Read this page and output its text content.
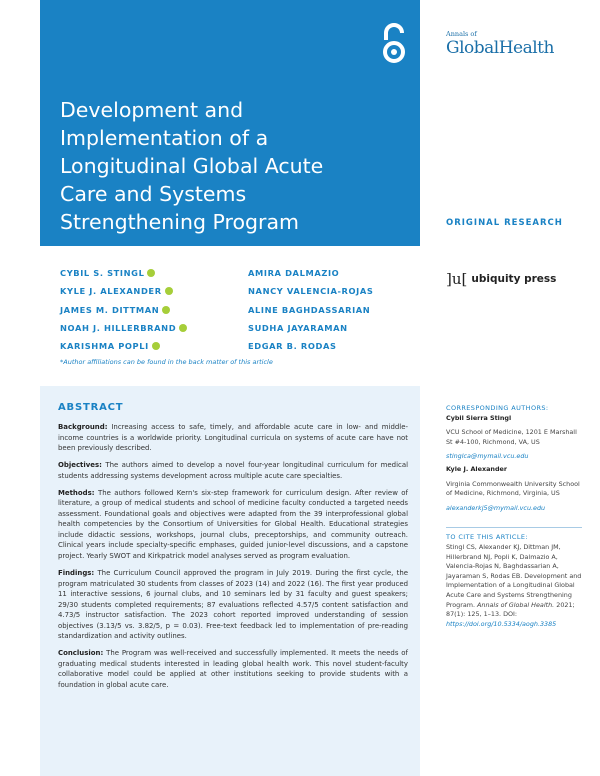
Development and Implementation of a Longitudinal Global Acute Care and Systems Strengthening Program
Annals of
GlobalHealth
ORIGINAL RESEARCH
CYBIL S. STINGL
KYLE J. ALEXANDER
JAMES M. DITTMAN
NOAH J. HILLERBRAND
KARISHMA POPLI
AMIRA DALMAZIO
NANCY VALENCIA-ROJAS
ALINE BAGHDASSARIAN
SUDHA JAYARAMAN
EDGAR B. RODAS
*Author affiliations can be found in the back matter of this article
]u[ ubiquity press
ABSTRACT

Background: Increasing access to safe, timely, and affordable acute care in low- and middle-income countries is a worldwide priority. Longitudinal curricula on systems of acute care have not been previously described.

Objectives: The authors aimed to develop a novel four-year longitudinal curriculum for medical students addressing systems development across multiple acute care specialties.

Methods: The authors followed Kern's six-step framework for curriculum design. After review of literature, a group of medical students and school of medicine faculty conducted a targeted needs assessment. Foundational goals and objectives were adapted from the 39 interprofessional global health competencies by the Consortium of Universities for Global Health. Educational strategies include didactic sessions, workshops, journal clubs, preceptorships, and community outreach. Clinical years include specialty-specific emphases, guided junior-level discussions, and a capstone project. Yearly SWOT and Kirkpatrick model analyses served as program evaluation.

Findings: The Curriculum Council approved the program in July 2019. During the first cycle, the program matriculated 30 students from classes of 2023 (14) and 2022 (16). The first year produced 11 interactive sessions, 6 journal clubs, and 10 seminars led by 31 faculty and guest speakers; 29/30 students completed requirements; 87 evaluations reflected 4.57/5 content satisfaction and 4.73/5 instructor satisfaction. The 2023 cohort reported improved understanding of session objectives (3.13/5 vs. 3.82/5, p = 0.03). Free-text feedback led to implementation of pre-reading standardization and activity outlines.

Conclusion: The Program was well-received and successfully implemented. It meets the needs of graduating medical students interested in leading global health work. This novel student-faculty collaborative model could be applied at other institutions seeking to provide students with a foundation in global acute care.

CORRESPONDING AUTHORS:
Cybil Sierra Stingl
VCU School of Medicine, 1201 E Marshall St #4-100, Richmond, VA, US
stinglca@mymail.vcu.edu
Kyle J. Alexander
Virginia Commonwealth University School of Medicine, Richmond, Virginia, US
alexanderkj5@mymail.vcu.edu
TO CITE THIS ARTICLE:
Stingl CS, Alexander KJ, Dittman JM, Hillerbrand NJ, Popli K, Dalmazio A, Valencia-Rojas N, Baghdassarian A, Jayaraman S, Rodas EB. Development and Implementation of a Longitudinal Global Acute Care and Systems Strengthening Program. Annals of Global Health. 2021; 87(1): 125, 1–13. DOI: https://doi.org/10.5334/aogh.3385
